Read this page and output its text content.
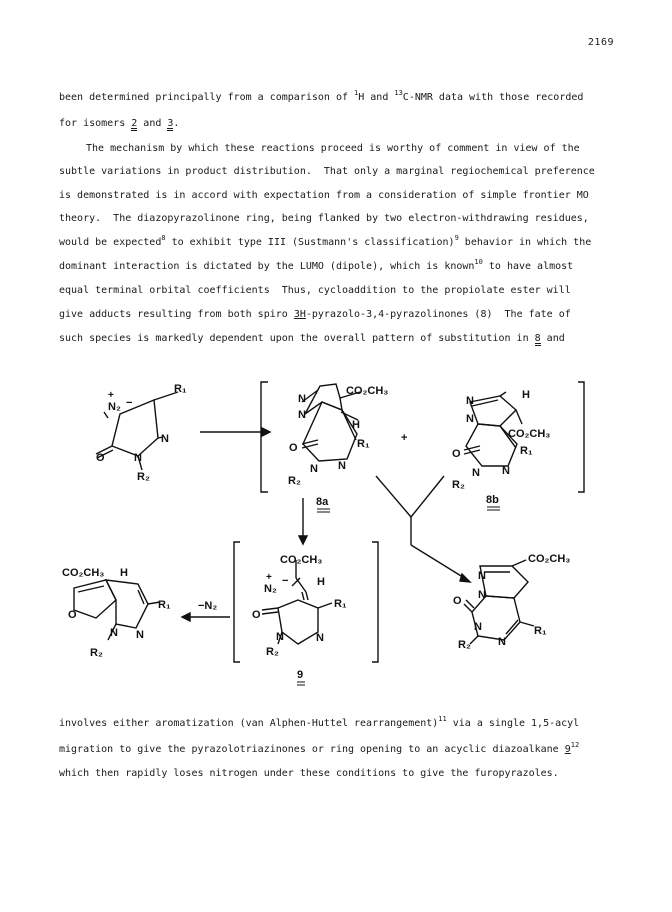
2169
been determined principally from a comparison of $^1$H and $^{13}$C-NMR data with those recorded
for isomers 2 and 3.
The mechanism by which these reactions proceed is worthy of comment in view of the
subtle variations in product distribution.  That only a marginal regiochemical preference
is demonstrated is in accord with expectation from a consideration of simple frontier MO
theory.  The diazopyrazolinone ring, being flanked by two electron-withdrawing residues,
would be expected$^8$ to exhibit type III (Sustmann's classification)$^9$ behavior in which the
dominant interaction is dictated by the LUMO (dipole), which is known$^{10}$ to have almost
equal terminal orbital coefficients  Thus, cycloaddition to the propiolate ester will
give adducts resulting from both spiro 3H-pyrazolo-3,4-pyrazolinones (8)  The fate of
such species is markedly dependent upon the overall pattern of substitution in 8 and
+
N₂ −
R₁
N
O	N
R₂
CO₂CH₃
N
N
H
R₁
O
N
N
R₂
8a
+
H
N
N
CO₂CH₃
R₁
O
N
N
R₂
8b
CO₂CH₃
+
N₂
−	H
R₁
O
N
N
R₂
9
−N₂
CO₂CH₃ H
O
R₁
N N
R₂
CO₂CH₃
N
N
O
R₁
N
N
R₂
involves either aromatization (van Alphen-Huttel rearrangement)$^{11}$ via a single 1,5-acyl
migration to give the pyrazolotriazinones or ring opening to an acyclic diazoalkane $9^{12}$
which then rapidly loses nitrogen under these conditions to give the furopyrazoles.
